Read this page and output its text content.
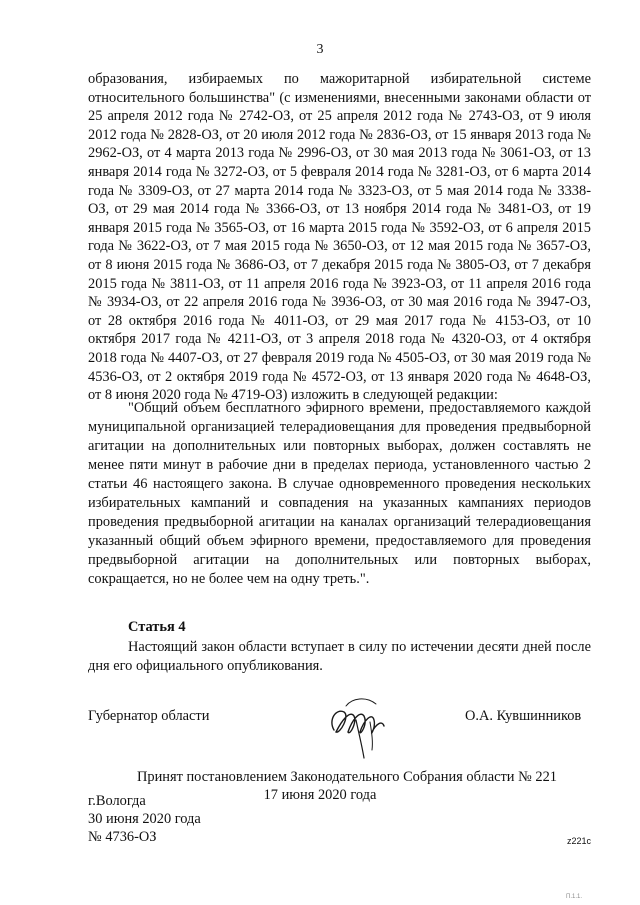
3

образования, избираемых по мажоритарной избирательной системе относительного большинства" (с изменениями, внесенными законами области от 25 апреля 2012 года № 2742-ОЗ, от 25 апреля 2012 года № 2743-ОЗ, от 9 июля 2012 года № 2828-ОЗ, от 20 июля 2012 года № 2836-ОЗ, от 15 января 2013 года № 2962-ОЗ, от 4 марта 2013 года № 2996-ОЗ, от 30 мая 2013 года № 3061-ОЗ, от 13 января 2014 года № 3272-ОЗ, от 5 февраля 2014 года № 3281-ОЗ, от 6 марта 2014 года № 3309-ОЗ, от 27 марта 2014 года № 3323-ОЗ, от 5 мая 2014 года № 3338-ОЗ, от 29 мая 2014 года № 3366-ОЗ, от 13 ноября 2014 года № 3481-ОЗ, от 19 января 2015 года № 3565-ОЗ, от 16 марта 2015 года № 3592-ОЗ, от 6 апреля 2015 года № 3622-ОЗ, от 7 мая 2015 года № 3650-ОЗ, от 12 мая 2015 года № 3657-ОЗ, от 8 июня 2015 года № 3686-ОЗ, от 7 декабря 2015 года № 3805-ОЗ, от 7 декабря 2015 года № 3811-ОЗ, от 11 апреля 2016 года № 3923-ОЗ, от 11 апреля 2016 года № 3934-ОЗ, от 22 апреля 2016 года № 3936-ОЗ, от 30 мая 2016 года № 3947-ОЗ, от 28 октября 2016 года № 4011-ОЗ, от 29 мая 2017 года № 4153-ОЗ, от 10 октября 2017 года № 4211-ОЗ, от 3 апреля 2018 года № 4320-ОЗ, от 4 октября 2018 года № 4407-ОЗ, от 27 февраля 2019 года № 4505-ОЗ, от 30 мая 2019 года № 4536-ОЗ, от 2 октября 2019 года № 4572-ОЗ, от 13 января 2020 года № 4648-ОЗ, от 8 июня 2020 года № 4719-ОЗ) изложить в следующей редакции:

"Общий объем бесплатного эфирного времени, предоставляемого каждой муниципальной организацией телерадиовещания для проведения предвыборной агитации на дополнительных или повторных выборах, должен составлять не менее пяти минут в рабочие дни в пределах периода, установленного частью 2 статьи 46 настоящего закона. В случае одновременного проведения нескольких избирательных кампаний и совпадения на указанных кампаниях периодов проведения предвыборной агитации на каналах организаций телерадиовещания указанный общий объем эфирного времени, предоставляемого для проведения предвыборной агитации на дополнительных или повторных выборах, сокращается, но не более чем на одну треть.".

Статья 4

Настоящий закон области вступает в силу по истечении десяти дней после дня его официального опубликования.

Губернатор области	О.А. Кувшинников
Принят постановлением Законодательного Собрания области № 221
17 июня 2020 года
г.Вологда
30 июня 2020 года
№ 4736-ОЗ	z221c
П.1.1.
